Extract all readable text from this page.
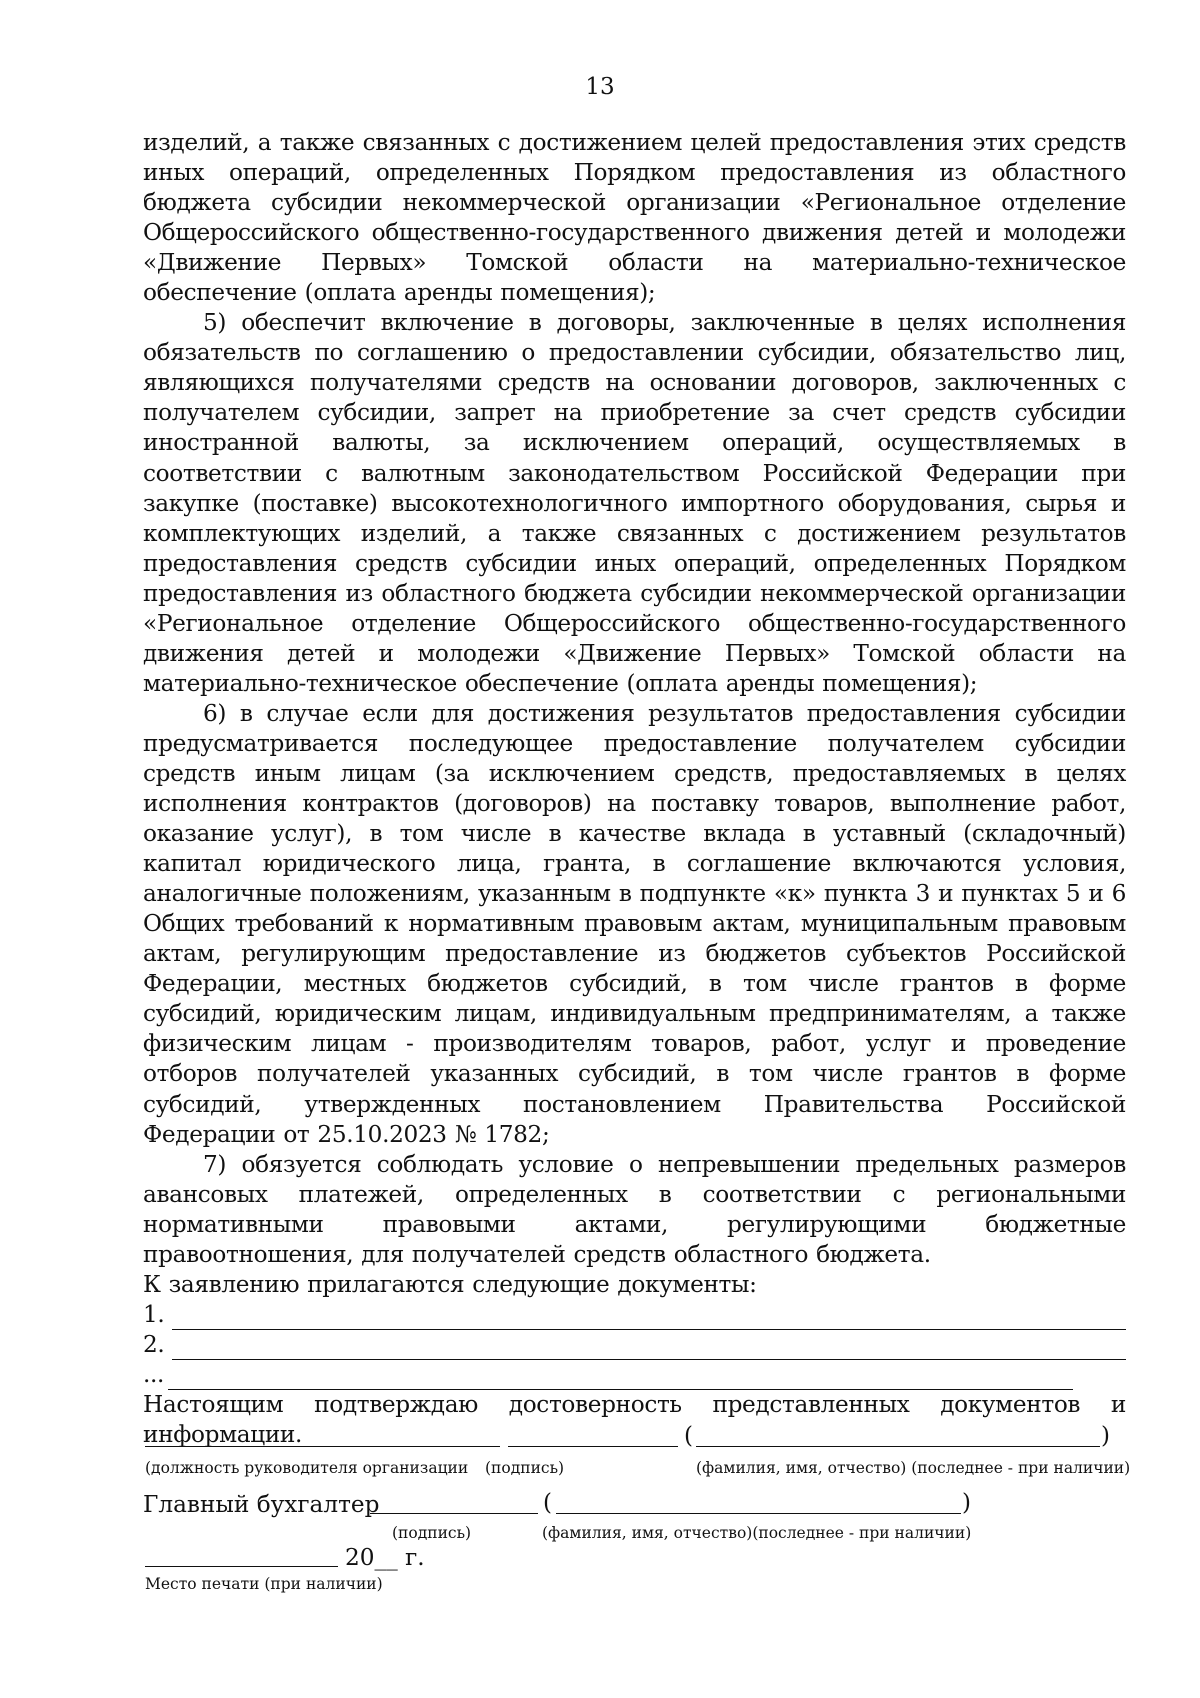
13

изделий, а также связанных с достижением целей предоставления этих средств иных операций, определенных Порядком предоставления из областного бюджета субсидии некоммерческой организации «Региональное отделение Общероссийского общественно-государственного движения детей и молодежи «Движение Первых» Томской области на материально-техническое обеспечение (оплата аренды помещения);

5) обеспечит включение в договоры, заключенные в целях исполнения обязательств по соглашению о предоставлении субсидии, обязательство лиц, являющихся получателями средств на основании договоров, заключенных с получателем субсидии, запрет на приобретение за счет средств субсидии иностранной валюты, за исключением операций, осуществляемых в соответствии с валютным законодательством Российской Федерации при закупке (поставке) высокотехнологичного импортного оборудования, сырья и комплектующих изделий, а также связанных с достижением результатов предоставления средств субсидии иных операций, определенных Порядком предоставления из областного бюджета субсидии некоммерческой организации «Региональное отделение Общероссийского общественно-государственного движения детей и молодежи «Движение Первых» Томской области на материально-техническое обеспечение (оплата аренды помещения);

6) в случае если для достижения результатов предоставления субсидии предусматривается последующее предоставление получателем субсидии средств иным лицам (за исключением средств, предоставляемых в целях исполнения контрактов (договоров) на поставку товаров, выполнение работ, оказание услуг), в том числе в качестве вклада в уставный (складочный) капитал юридического лица, гранта, в соглашение включаются условия, аналогичные положениям, указанным в подпункте «к» пункта 3 и пунктах 5 и 6 Общих требований к нормативным правовым актам, муниципальным правовым актам, регулирующим предоставление из бюджетов субъектов Российской Федерации, местных бюджетов субсидий, в том числе грантов в форме субсидий, юридическим лицам, индивидуальным предпринимателям, а также физическим лицам - производителям товаров, работ, услуг и проведение отборов получателей указанных субсидий, в том числе грантов в форме субсидий, утвержденных постановлением Правительства Российской Федерации от 25.10.2023 № 1782;

7) обязуется соблюдать условие о непревышении предельных размеров авансовых платежей, определенных в соответствии с региональными нормативными правовыми актами, регулирующими бюджетные правоотношения, для получателей средств областного бюджета.

К заявлению прилагаются следующие документы:

1.
2.
...

Настоящим подтверждаю достоверность представленных документов и информации.	(	)
(должность руководителя организации (подпись)	(фамилия, имя, отчество) (последнее - при наличии)
Главный бухгалтер	(	)
(подпись)	(фамилия, имя, отчество)(последнее - при наличии)
20__ г.
Место печати (при наличии)
